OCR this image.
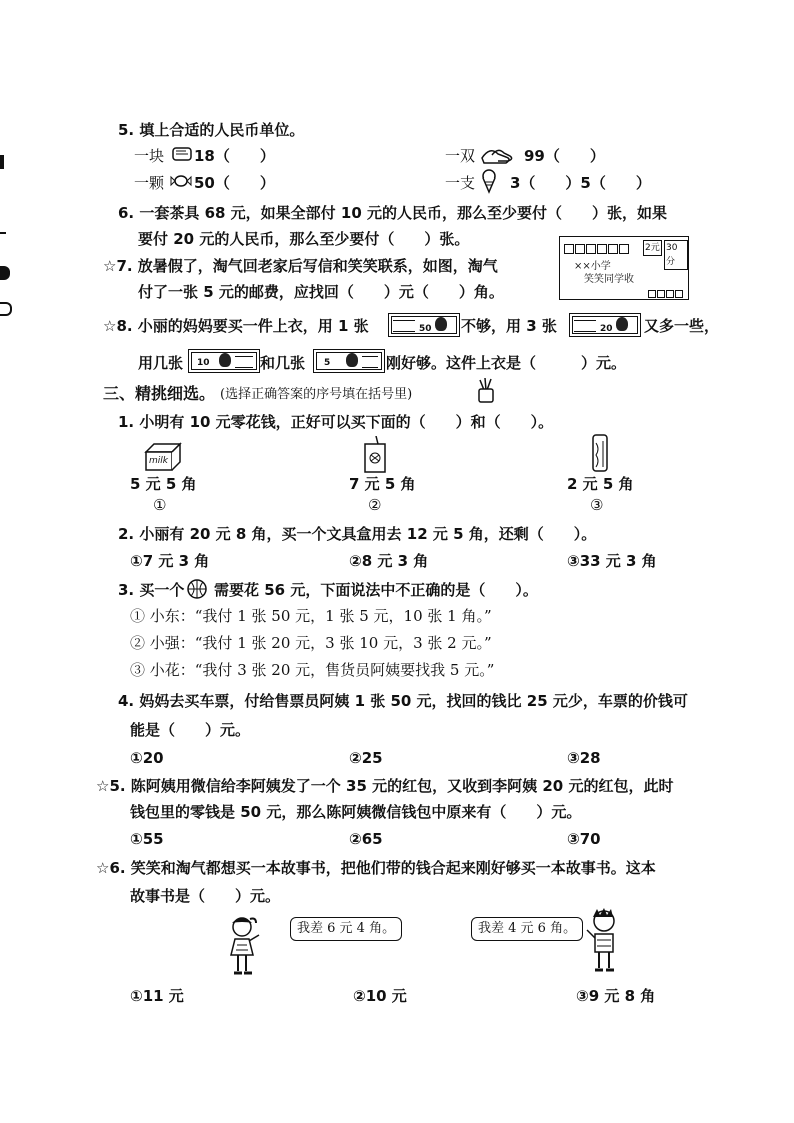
5. 填上合适的人民币单位。
一块 18（　　）	一双	99（　　）
一颗 50（　　）	一支 3（　　）5（　　）
6. 一套茶具 68 元，如果全部付 10 元的人民币，那么至少要付（　　）张，如果
要付 20 元的人民币，那么至少要付（　　）张。
☆7. 放暑假了，淘气回老家后写信和笑笑联系，如图，淘气
付了一张 5 元的邮费，应找回（　　）元（　　）角。
2元 30分
××小学
笑笑同学收
☆8. 小丽的妈妈要买一件上衣，用 1 张	50 不够，用 3 张	20 又多一些，
用几张 10	和几张 5	刚好够。这件上衣是（　　　）元。
三、精挑细选。 (选择正确答案的序号填在括号里)
1. 小明有 10 元零花钱，正好可以买下面的（　　）和（　　）。
milk
5 元 5 角
①
7 元 5 角
②
2 元 5 角
③
2. 小丽有 20 元 8 角，买一个文具盒用去 12 元 5 角，还剩（　　）。
①7 元 3 角	②8 元 3 角	③33 元 3 角
3. 买一个 需要花 56 元，下面说法中不正确的是（　　）。
① 小东：“我付 1 张 50 元，1 张 5 元，10 张 1 角。”
② 小强：“我付 1 张 20 元，3 张 10 元，3 张 2 元。”
③ 小花：“我付 3 张 20 元，售货员阿姨要找我 5 元。”
4. 妈妈去买车票，付给售票员阿姨 1 张 50 元，找回的钱比 25 元少，车票的价钱可
能是（　　）元。
①20	②25	③28
☆5. 陈阿姨用微信给李阿姨发了一个 35 元的红包，又收到李阿姨 20 元的红包，此时
钱包里的零钱是 50 元，那么陈阿姨微信钱包中原来有（　　）元。
①55	②65	③70
☆6. 笑笑和淘气都想买一本故事书，把他们带的钱合起来刚好够买一本故事书。这本
故事书是（　　）元。
我差 6 元 4 角。	我差 4 元 6 角。
①11 元	②10 元	③9 元 8 角
